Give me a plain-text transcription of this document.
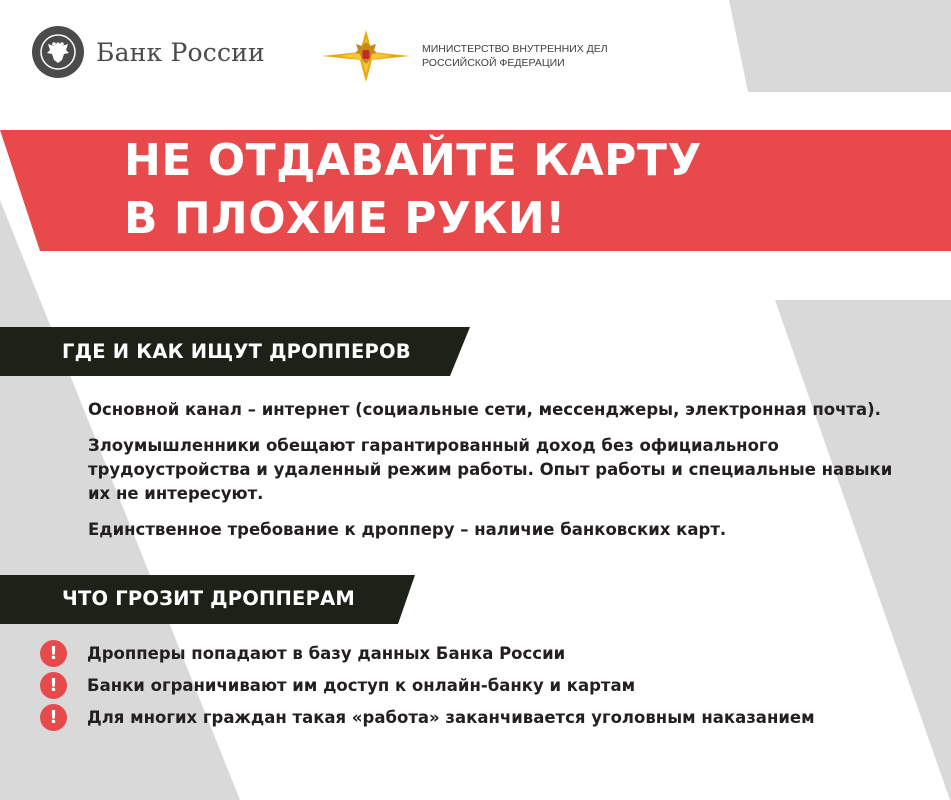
Банк России	МИНИСТЕРСТВО ВНУТРЕННИХ ДЕЛ
РОССИЙСКОЙ ФЕДЕРАЦИИ
НЕ ОТДАВАЙТЕ КАРТУ
В ПЛОХИЕ РУКИ!
ГДЕ И КАК ИЩУТ ДРОППЕРОВ
Основной канал – интернет (социальные сети, мессенджеры, электронная почта).
Злоумышленники обещают гарантированный доход без официального трудоустройства и удаленный режим работы. Опыт работы и специальные навыки их не интересуют.
Единственное требование к дропперу – наличие банковских карт.
ЧТО ГРОЗИТ ДРОППЕРАМ
!	Дропперы попадают в базу данных Банка России
!	Банки ограничивают им доступ к онлайн-банку и картам
!	Для многих граждан такая «работа» заканчивается уголовным наказанием
